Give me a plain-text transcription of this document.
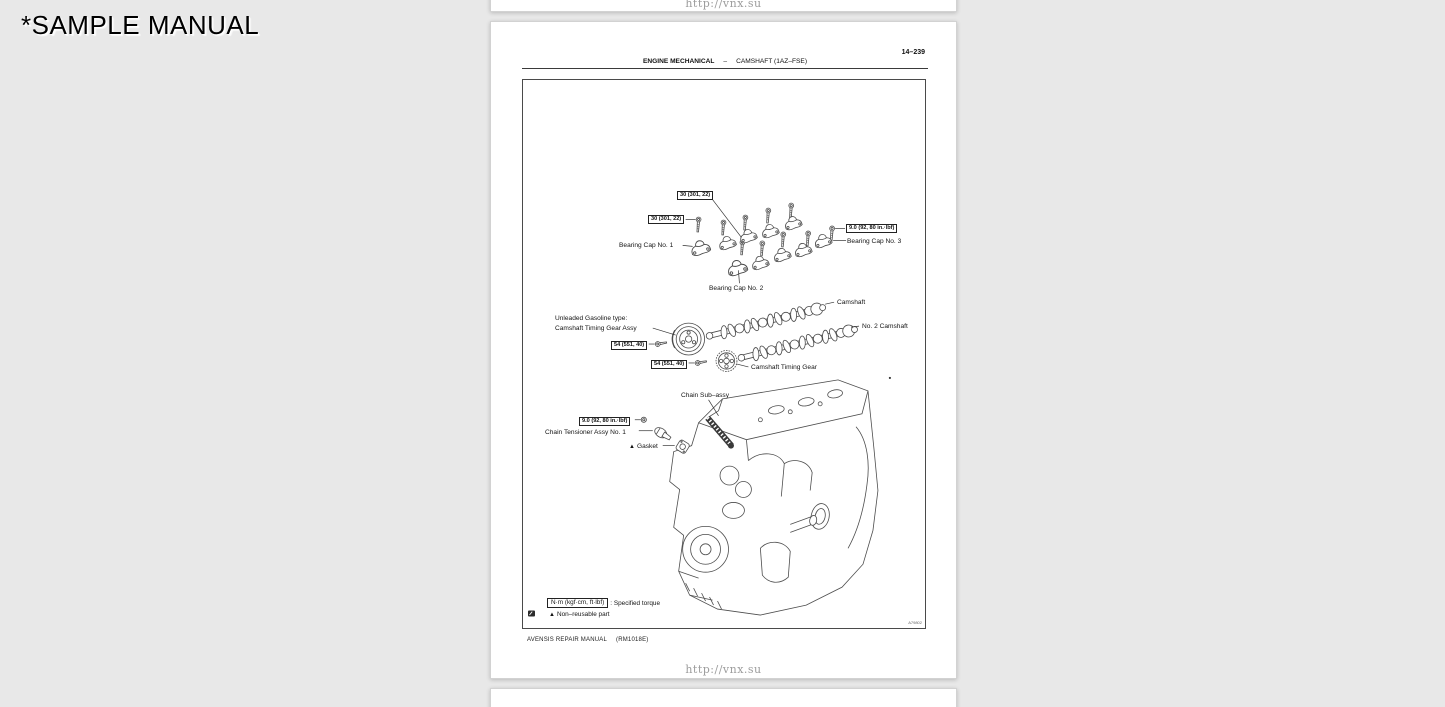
http://vnx.su
14–239
ENGINE MECHANICAL – CAMSHAFT (1AZ–FSE)
30 (301, 22)
30 (301, 22)
9.0 (92, 80 in.·lbf)
54 (551, 40)
54 (551, 40)
9.0 (92, 80 in.·lbf)
Bearing Cap No. 1
Bearing Cap No. 3
Bearing Cap No. 2
Camshaft
No. 2 Camshaft
Unleaded Gasoline type:
Camshaft Timing Gear Assy
Camshaft Timing Gear
Chain Sub–assy
Chain Tensioner Assy No. 1
▲ Gasket
N·m (kgf·cm, ft·lbf) : Specified torque
▲ Non–reusable part
A79802
AVENSIS REPAIR MANUAL (RM1018E)
http://vnx.su
*SAMPLE MANUAL
